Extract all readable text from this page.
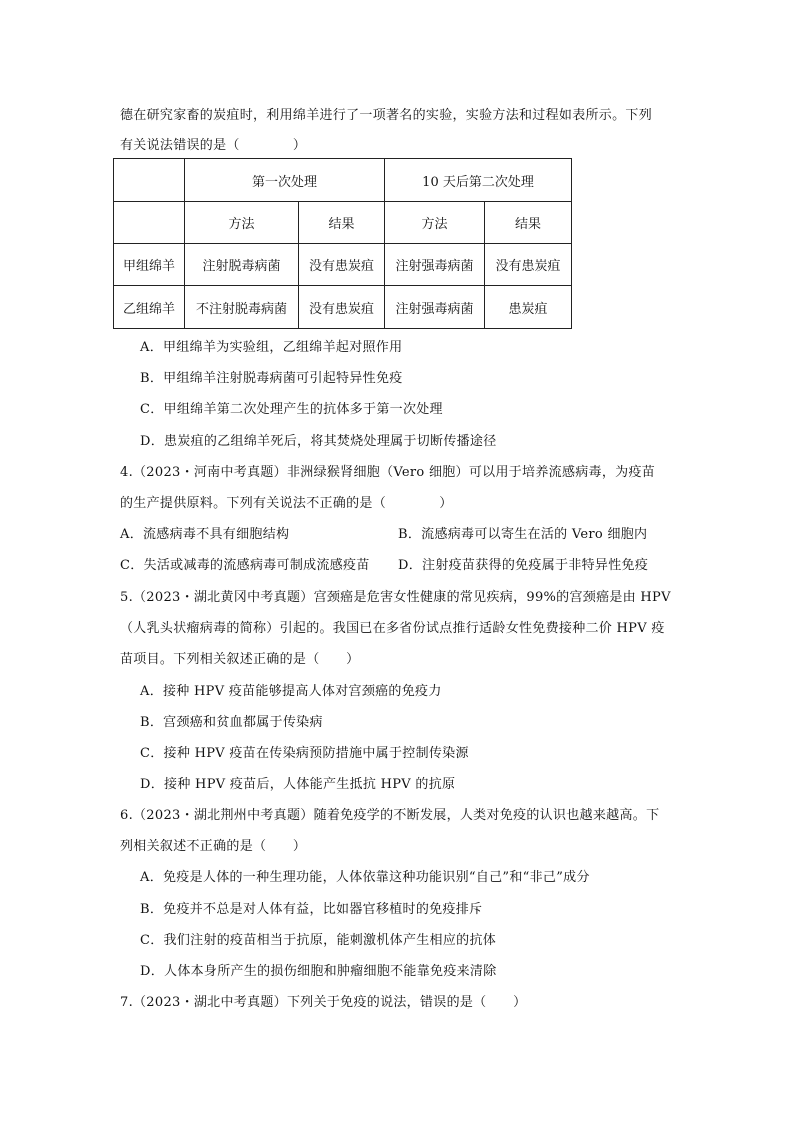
德在研究家畜的炭疽时，利用绵羊进行了一项著名的实验，实验方法和过程如表所示。下列
有关说法错误的是（　　　　）
	第一次处理		10 天后第二次处理	
	方法	结果	方法	结果
甲组绵羊	注射脱毒病菌	没有患炭疽	注射强毒病菌	没有患炭疽
乙组绵羊	不注射脱毒病菌	没有患炭疽	注射强毒病菌	患炭疽
A．甲组绵羊为实验组，乙组绵羊起对照作用
B．甲组绵羊注射脱毒病菌可引起特异性免疫
C．甲组绵羊第二次处理产生的抗体多于第一次处理
D．患炭疽的乙组绵羊死后，将其焚烧处理属于切断传播途径
4.（2023・河南中考真题）非洲绿猴肾细胞（Vero 细胞）可以用于培养流感病毒，为疫苗
的生产提供原料。下列有关说法不正确的是（　　　　）
A．流感病毒不具有细胞结构	B．流感病毒可以寄生在活的 Vero 细胞内
C．失活或减毒的流感病毒可制成流感疫苗 D．注射疫苗获得的免疫属于非特异性免疫
5.（2023・湖北黄冈中考真题）宫颈癌是危害女性健康的常见疾病，99%的宫颈癌是由 HPV
（人乳头状瘤病毒的简称）引起的。我国已在多省份试点推行适龄女性免费接种二价 HPV 疫
苗项目。下列相关叙述正确的是（　　）
A．接种 HPV 疫苗能够提高人体对宫颈癌的免疫力
B．宫颈癌和贫血都属于传染病
C．接种 HPV 疫苗在传染病预防措施中属于控制传染源
D．接种 HPV 疫苗后，人体能产生抵抗 HPV 的抗原
6.（2023・湖北荆州中考真题）随着免疫学的不断发展，人类对免疫的认识也越来越高。下
列相关叙述不正确的是（　　）
A．免疫是人体的一种生理功能，人体依靠这种功能识别“自己”和“非己”成分
B．免疫并不总是对人体有益，比如器官移植时的免疫排斥
C．我们注射的疫苗相当于抗原，能刺激机体产生相应的抗体
D．人体本身所产生的损伤细胞和肿瘤细胞不能靠免疫来清除
7.（2023・湖北中考真题）下列关于免疫的说法，错误的是（　　）
